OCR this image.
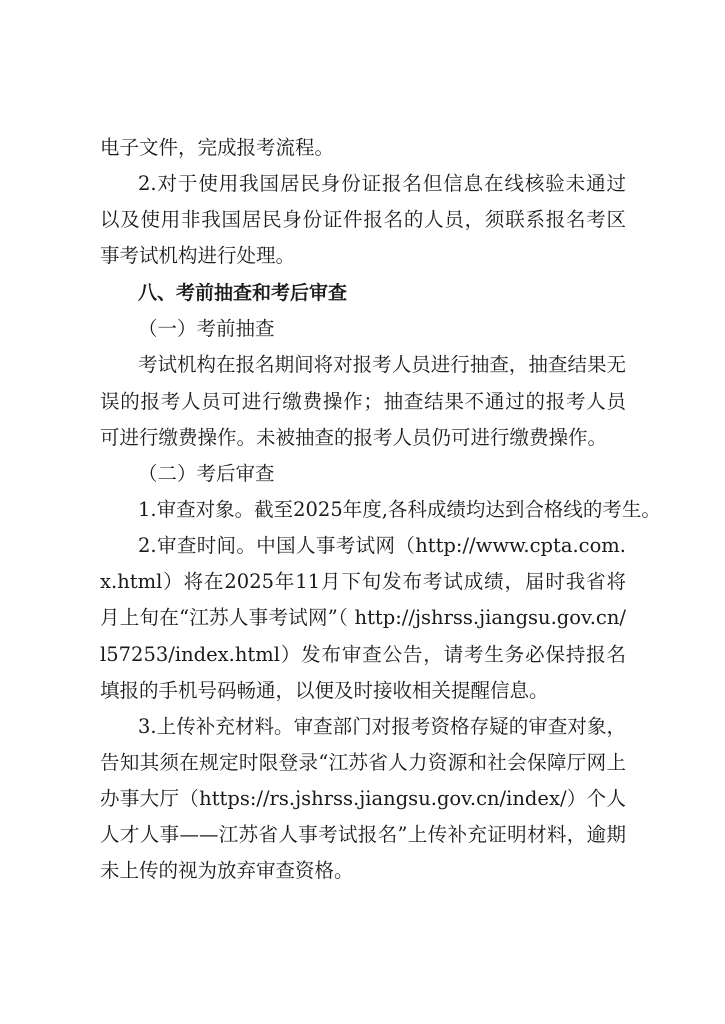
电子文件，完成报考流程。
2.对于使用我国居民身份证报名但信息在线核验未通过
以及使用非我国居民身份证件报名的人员，须联系报名考区
事考试机构进行处理。
八、考前抽查和考后审查
（一）考前抽查
考试机构在报名期间将对报考人员进行抽查，抽查结果无
误的报考人员可进行缴费操作；抽查结果不通过的报考人员
可进行缴费操作。未被抽查的报考人员仍可进行缴费操作。
（二）考后审查
1.审查对象。截至2025年度,各科成绩均达到合格线的考生。
2.审查时间。中国人事考试网（http://www.cpta.com.
x.html）将在2025年11月下旬发布考试成绩，届时我省将
月上旬在“江苏人事考试网”（ http://jshrss.jiangsu.gov.cn/
l57253/index.html）发布审查公告，请考生务必保持报名
填报的手机号码畅通，以便及时接收相关提醒信息。
3.上传补充材料。审查部门对报考资格存疑的审查对象，
告知其须在规定时限登录“江苏省人力资源和社会保障厅网上
办事大厅（https://rs.jshrss.jiangsu.gov.cn/index/）个人
人才人事——江苏省人事考试报名”上传补充证明材料，逾期
未上传的视为放弃审查资格。
